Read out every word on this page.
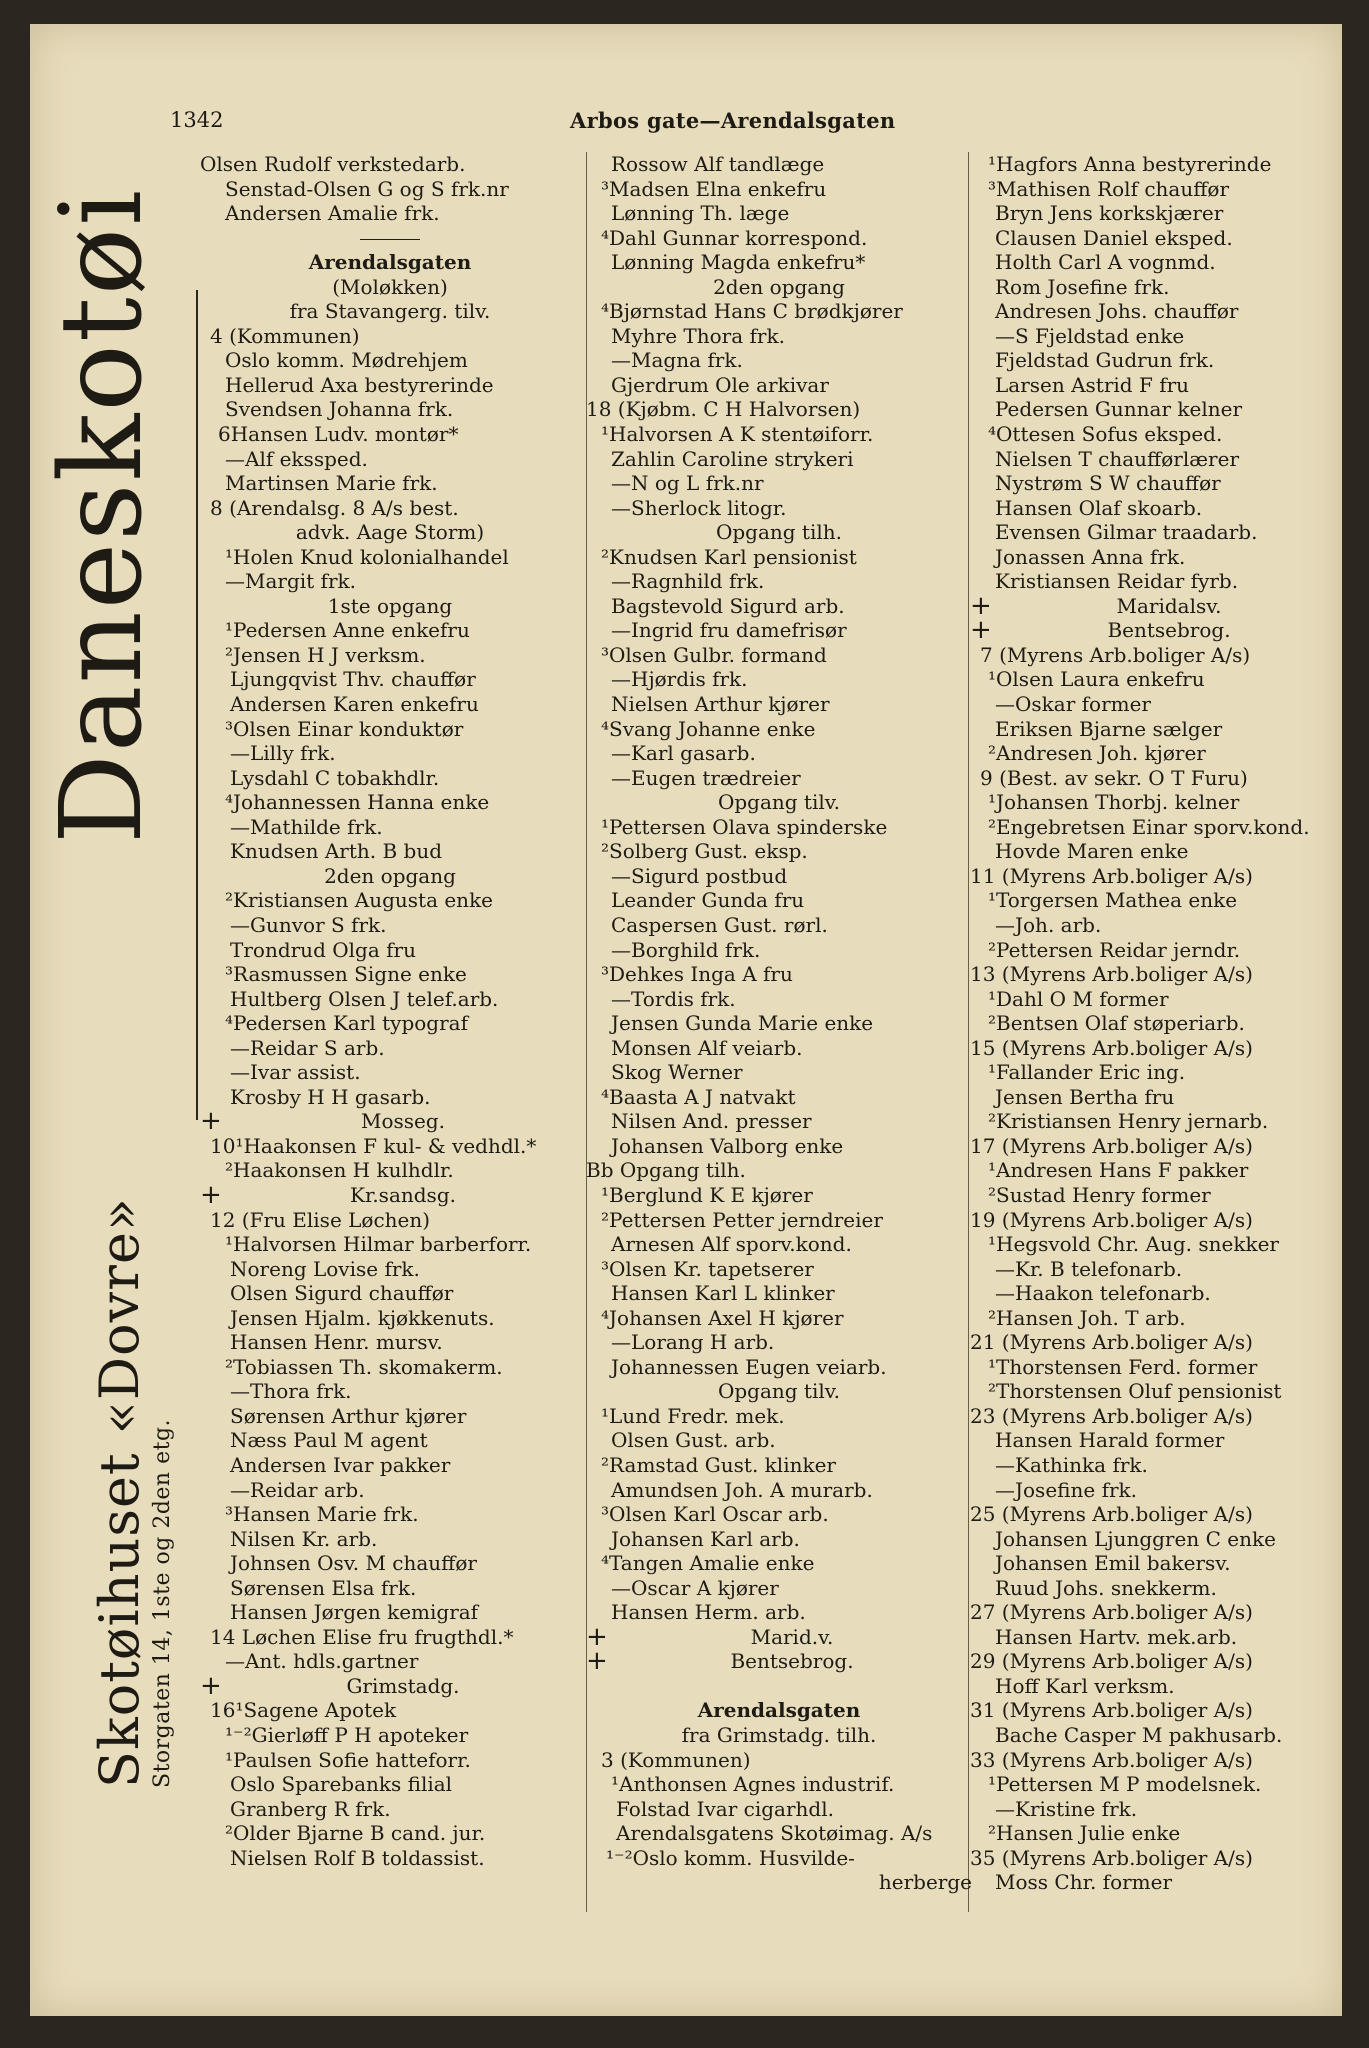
1342	Arbos gate—Arendalsgaten
Skotøihuset «Dovre» Storgaten 14, 1ste og 2den etg.
Daneskotøi
Olsen Rudolf verkstedarb.
Senstad-Olsen G og S frk.nr
Andersen Amalie frk.
Arendalsgaten
(Moløkken)
fra Stavangerg. tilv.
4 (Kommunen)
Oslo komm. Mødrehjem
Hellerud Axa bestyrerinde
Svendsen Johanna frk.
6Hansen Ludv. montør*
—Alf ekssped.
Martinsen Marie frk.
8 (Arendalsg. 8 A/s best.
advk. Aage Storm)
¹Holen Knud kolonialhandel
—Margit frk.
1ste opgang
¹Pedersen Anne enkefru
²Jensen H J verksm.
Ljungqvist Thv. chauffør
Andersen Karen enkefru
³Olsen Einar konduktør
—Lilly frk.
Lysdahl C tobakhdlr.
⁴Johannessen Hanna enke
—Mathilde frk.
Knudsen Arth. B bud
2den opgang
²Kristiansen Augusta enke
—Gunvor S frk.
Trondrud Olga fru
³Rasmussen Signe enke
Hultberg Olsen J telef.arb.
⁴Pedersen Karl typograf
—Reidar S arb.
—Ivar assist.
Krosby H H gasarb.
+	Mosseg.
10¹Haakonsen F kul- & vedhdl.*
²Haakonsen H kulhdlr.
+	Kr.sandsg.
12 (Fru Elise Løchen)
¹Halvorsen Hilmar barberforr.
Noreng Lovise frk.
Olsen Sigurd chauffør
Jensen Hjalm. kjøkkenuts.
Hansen Henr. mursv.
²Tobiassen Th. skomakerm.
—Thora frk.
Sørensen Arthur kjører
Næss Paul M agent
Andersen Ivar pakker
—Reidar arb.
³Hansen Marie frk.
Nilsen Kr. arb.
Johnsen Osv. M chauffør
Sørensen Elsa frk.
Hansen Jørgen kemigraf
14 Løchen Elise fru frugthdl.*
—Ant. hdls.gartner
+	Grimstadg.
16¹Sagene Apotek
¹⁻²Gierløff P H apoteker
¹Paulsen Sofie hatteforr.
Oslo Sparebanks filial
Granberg R frk.
²Older Bjarne B cand. jur.
Nielsen Rolf B toldassist.
Rossow Alf tandlæge
³Madsen Elna enkefru
Lønning Th. læge
⁴Dahl Gunnar korrespond.
Lønning Magda enkefru*
2den opgang
⁴Bjørnstad Hans C brødkjører
Myhre Thora frk.
—Magna frk.
Gjerdrum Ole arkivar
18 (Kjøbm. C H Halvorsen)
¹Halvorsen A K stentøiforr.
Zahlin Caroline strykeri
—N og L frk.nr
—Sherlock litogr.
Opgang tilh.
²Knudsen Karl pensionist
—Ragnhild frk.
Bagstevold Sigurd arb.
—Ingrid fru damefrisør
³Olsen Gulbr. formand
—Hjørdis frk.
Nielsen Arthur kjører
⁴Svang Johanne enke
—Karl gasarb.
—Eugen trædreier
Opgang tilv.
¹Pettersen Olava spinderske
²Solberg Gust. eksp.
—Sigurd postbud
Leander Gunda fru
Caspersen Gust. rørl.
—Borghild frk.
³Dehkes Inga A fru
—Tordis frk.
Jensen Gunda Marie enke
Monsen Alf veiarb.
Skog Werner
⁴Baasta A J natvakt
Nilsen And. presser
Johansen Valborg enke
Bb Opgang tilh.
¹Berglund K E kjører
²Pettersen Petter jerndreier
Arnesen Alf sporv.kond.
³Olsen Kr. tapetserer
Hansen Karl L klinker
⁴Johansen Axel H kjører
—Lorang H arb.
Johannessen Eugen veiarb.
Opgang tilv.
¹Lund Fredr. mek.
Olsen Gust. arb.
²Ramstad Gust. klinker
Amundsen Joh. A murarb.
³Olsen Karl Oscar arb.
Johansen Karl arb.
⁴Tangen Amalie enke
—Oscar A kjører
Hansen Herm. arb.
+	Marid.v.
+	Bentsebrog.
Arendalsgaten
fra Grimstadg. tilh.
3 (Kommunen)
¹Anthonsen Agnes industrif.
Folstad Ivar cigarhdl.
Arendalsgatens Skotøimag. A/s
¹⁻²Oslo komm. Husvilde-
herberge
¹Hagfors Anna bestyrerinde
³Mathisen Rolf chauffør
Bryn Jens korkskjærer
Clausen Daniel eksped.
Holth Carl A vognmd.
Rom Josefine frk.
Andresen Johs. chauffør
—S Fjeldstad enke
Fjeldstad Gudrun frk.
Larsen Astrid F fru
Pedersen Gunnar kelner
⁴Ottesen Sofus eksped.
Nielsen T chaufførlærer
Nystrøm S W chauffør
Hansen Olaf skoarb.
Evensen Gilmar traadarb.
Jonassen Anna frk.
Kristiansen Reidar fyrb.
+	Maridalsv.
+	Bentsebrog.
7 (Myrens Arb.boliger A/s)
¹Olsen Laura enkefru
—Oskar former
Eriksen Bjarne sælger
²Andresen Joh. kjører
9 (Best. av sekr. O T Furu)
¹Johansen Thorbj. kelner
²Engebretsen Einar sporv.kond.
Hovde Maren enke
11 (Myrens Arb.boliger A/s)
¹Torgersen Mathea enke
—Joh. arb.
²Pettersen Reidar jerndr.
13 (Myrens Arb.boliger A/s)
¹Dahl O M former
²Bentsen Olaf støperiarb.
15 (Myrens Arb.boliger A/s)
¹Fallander Eric ing.
Jensen Bertha fru
²Kristiansen Henry jernarb.
17 (Myrens Arb.boliger A/s)
¹Andresen Hans F pakker
²Sustad Henry former
19 (Myrens Arb.boliger A/s)
¹Hegsvold Chr. Aug. snekker
—Kr. B telefonarb.
—Haakon telefonarb.
²Hansen Joh. T arb.
21 (Myrens Arb.boliger A/s)
¹Thorstensen Ferd. former
²Thorstensen Oluf pensionist
23 (Myrens Arb.boliger A/s)
Hansen Harald former
—Kathinka frk.
—Josefine frk.
25 (Myrens Arb.boliger A/s)
Johansen Ljunggren C enke
Johansen Emil bakersv.
Ruud Johs. snekkerm.
27 (Myrens Arb.boliger A/s)
Hansen Hartv. mek.arb.
29 (Myrens Arb.boliger A/s)
Hoff Karl verksm.
31 (Myrens Arb.boliger A/s)
Bache Casper M pakhusarb.
33 (Myrens Arb.boliger A/s)
¹Pettersen M P modelsnek.
—Kristine frk.
²Hansen Julie enke
35 (Myrens Arb.boliger A/s)
Moss Chr. former
